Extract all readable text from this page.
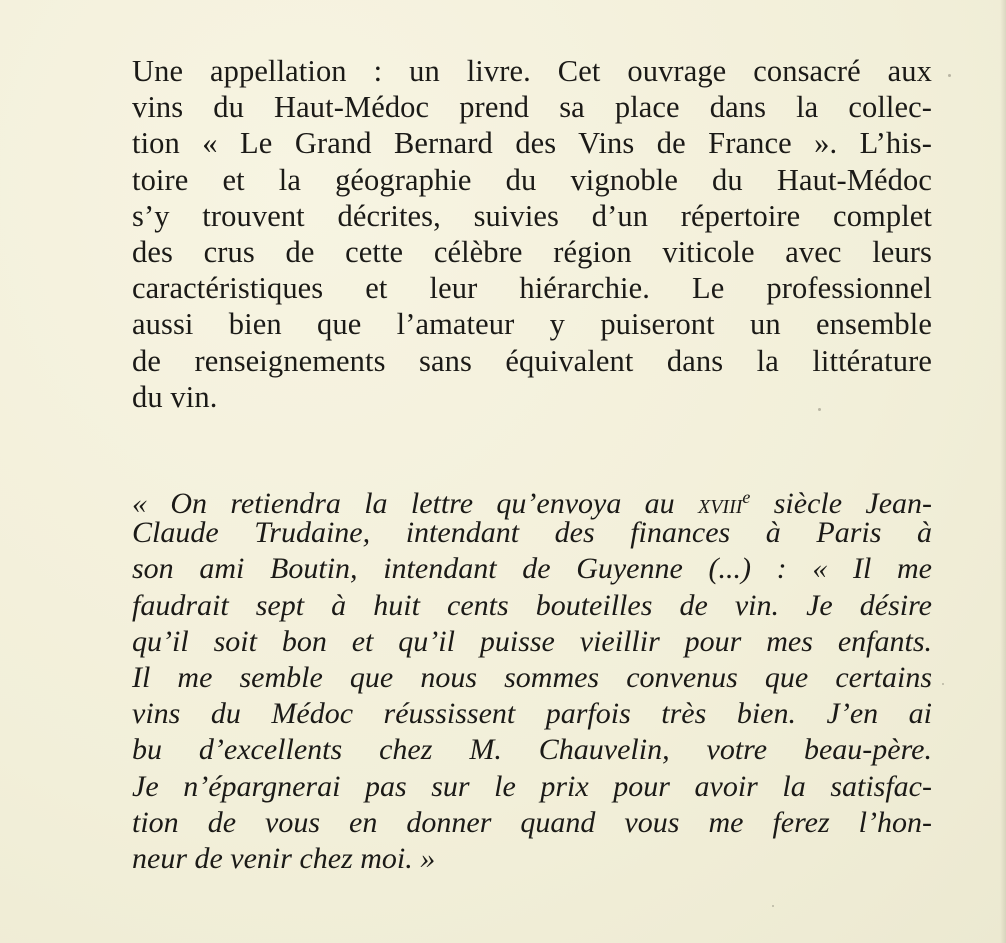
Une appellation : un livre. Cet ouvrage consacré aux
vins du Haut-Médoc prend sa place dans la collec-
tion « Le Grand Bernard des Vins de France ». L’his-
toire et la géographie du vignoble du Haut-Médoc
s’y trouvent décrites, suivies d’un répertoire complet
des crus de cette célèbre région viticole avec leurs
caractéristiques et leur hiérarchie. Le professionnel
aussi bien que l’amateur y puiseront un ensemble
de renseignements sans équivalent dans la littérature
du vin.
« On retiendra la lettre qu’envoya au xviii$^e$ siècle Jean-
Claude Trudaine, intendant des finances à Paris à
son ami Boutin, intendant de Guyenne (...) : « Il me
faudrait sept à huit cents bouteilles de vin. Je désire
qu’il soit bon et qu’il puisse vieillir pour mes enfants.
Il me semble que nous sommes convenus que certains
vins du Médoc réussissent parfois très bien. J’en ai
bu d’excellents chez M. Chauvelin, votre beau-père.
Je n’épargnerai pas sur le prix pour avoir la satisfac-
tion de vous en donner quand vous me ferez l’hon-
neur de venir chez moi. »
